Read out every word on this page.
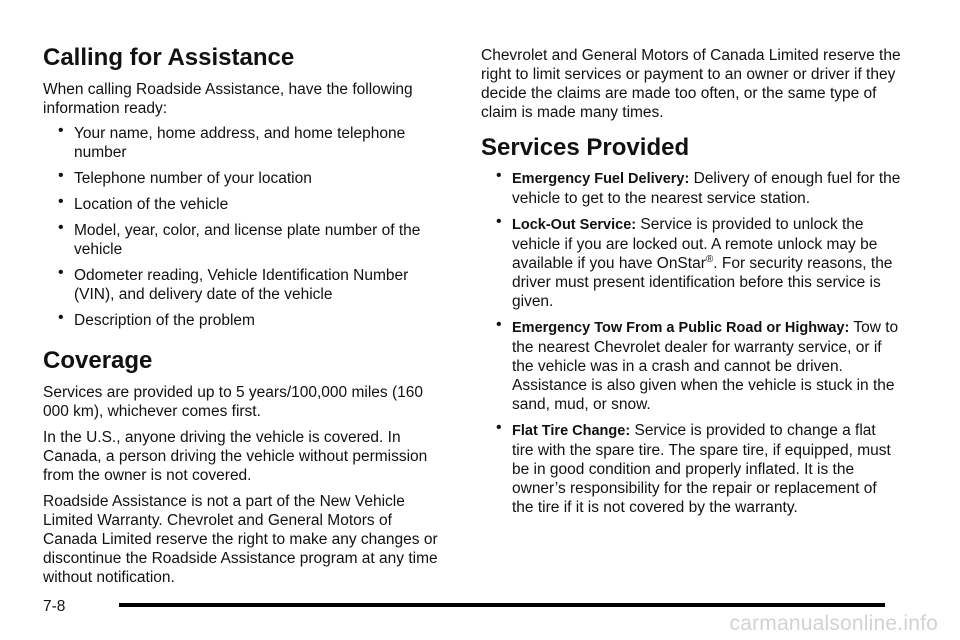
Calling for Assistance

When calling Roadside Assistance, have the following information ready:

• Your name, home address, and home telephone number
• Telephone number of your location
• Location of the vehicle
• Model, year, color, and license plate number of the vehicle
• Odometer reading, Vehicle Identification Number (VIN), and delivery date of the vehicle
• Description of the problem
Coverage

Services are provided up to 5 years/100,000 miles (160 000 km), whichever comes first.

In the U.S., anyone driving the vehicle is covered. In Canada, a person driving the vehicle without permission from the owner is not covered.

Roadside Assistance is not a part of the New Vehicle Limited Warranty. Chevrolet and General Motors of Canada Limited reserve the right to make any changes or discontinue the Roadside Assistance program at any time without notification.

Chevrolet and General Motors of Canada Limited reserve the right to limit services or payment to an owner or driver if they decide the claims are made too often, or the same type of claim is made many times.

Services Provided
• Emergency Fuel Delivery: Delivery of enough fuel for the vehicle to get to the nearest service station.
• Lock-Out Service: Service is provided to unlock the vehicle if you are locked out. A remote unlock may be available if you have OnStar®. For security reasons, the driver must present identification before this service is given.
• Emergency Tow From a Public Road or Highway: Tow to the nearest Chevrolet dealer for warranty service, or if the vehicle was in a crash and cannot be driven. Assistance is also given when the vehicle is stuck in the sand, mud, or snow.
• Flat Tire Change: Service is provided to change a flat tire with the spare tire. The spare tire, if equipped, must be in good condition and properly inflated. It is the owner’s responsibility for the repair or replacement of the tire if it is not covered by the warranty.
7-8
carmanualsonline.info
